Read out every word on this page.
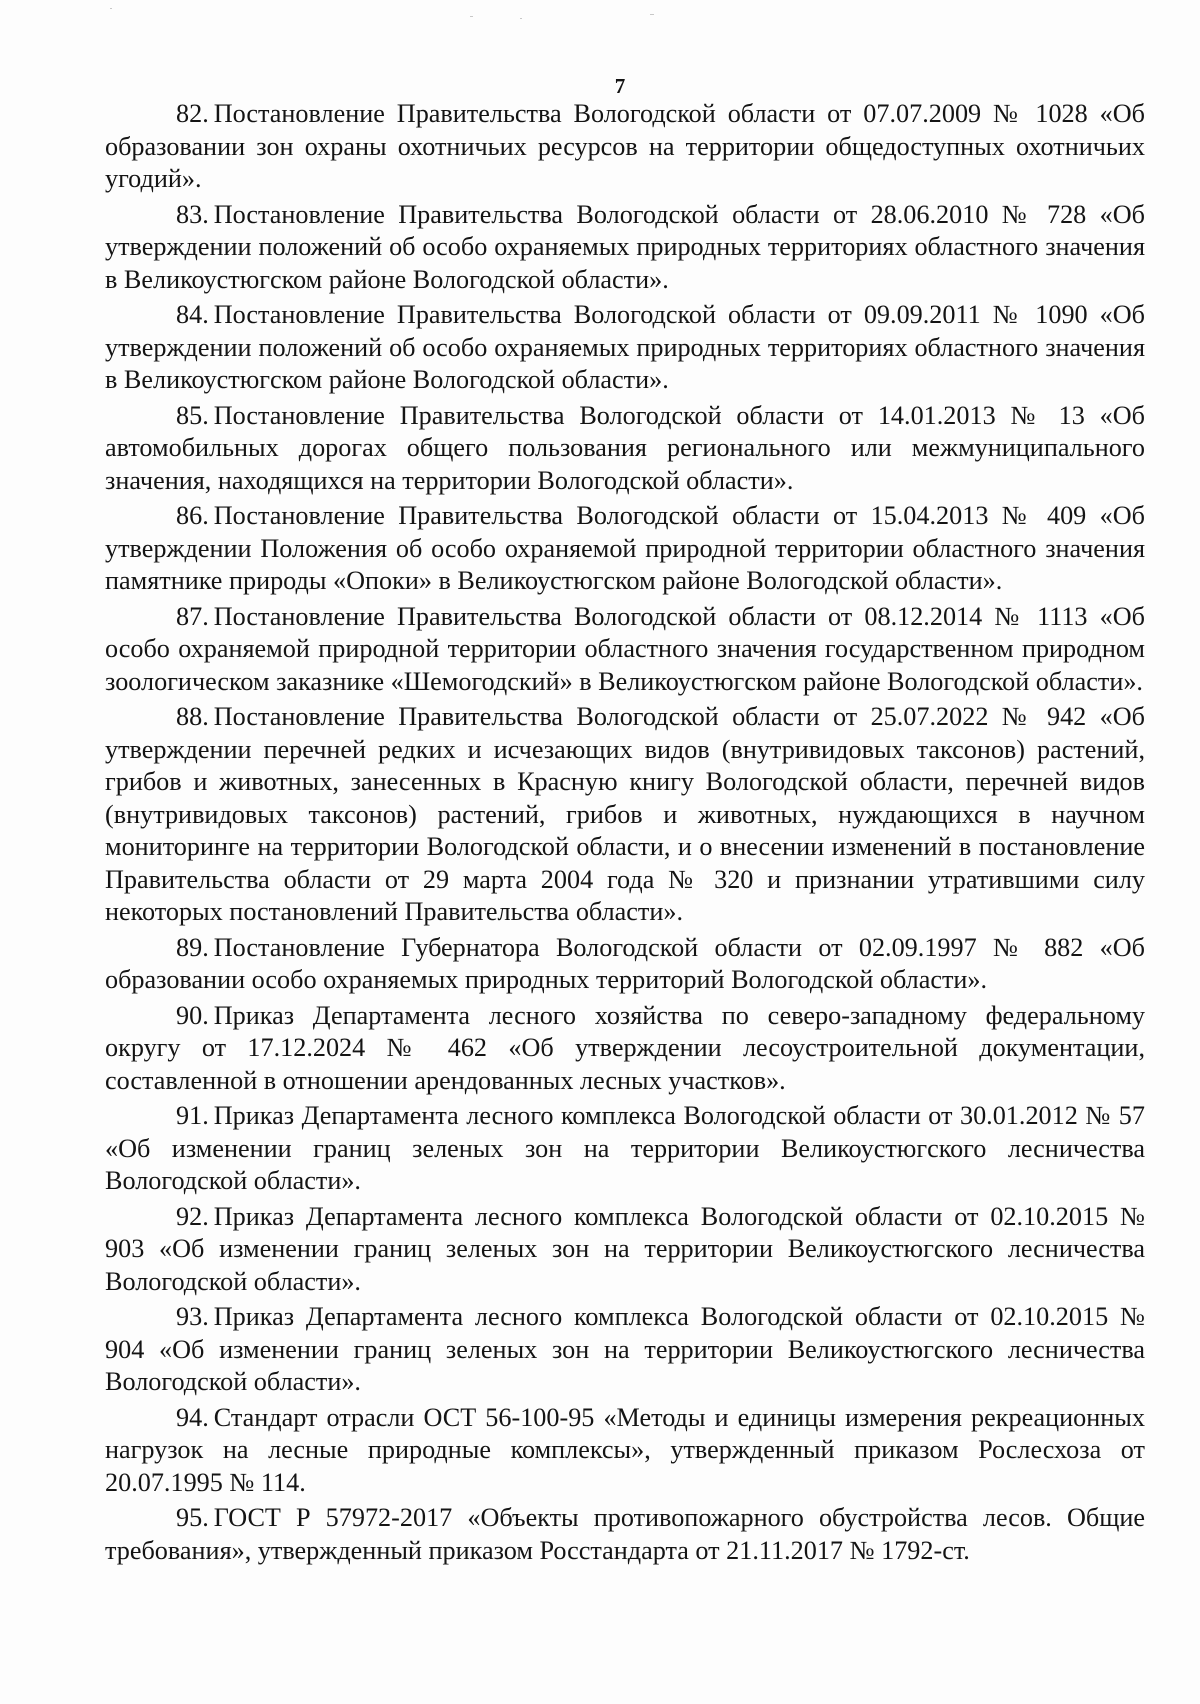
7

82. Постановление Правительства Вологодской области от 07.07.2009 № 1028 «Об образовании зон охраны охотничьих ресурсов на территории общедоступных охотничьих угодий».

83. Постановление Правительства Вологодской области от 28.06.2010 № 728 «Об утверждении положений об особо охраняемых природных территориях областного значения в Великоустюгском районе Вологодской области».

84. Постановление Правительства Вологодской области от 09.09.2011 № 1090 «Об утверждении положений об особо охраняемых природных территориях областного значения в Великоустюгском районе Вологодской области».

85. Постановление Правительства Вологодской области от 14.01.2013 № 13 «Об автомобильных дорогах общего пользования регионального или межмуниципального значения, находящихся на территории Вологодской области».

86. Постановление Правительства Вологодской области от 15.04.2013 № 409 «Об утверждении Положения об особо охраняемой природной территории областного значения памятнике природы «Опоки» в Великоустюгском районе Вологодской области».

87. Постановление Правительства Вологодской области от 08.12.2014 № 1113 «Об особо охраняемой природной территории областного значения государственном природном зоологическом заказнике «Шемогодский» в Великоустюгском районе Вологодской области».

88. Постановление Правительства Вологодской области от 25.07.2022 № 942 «Об утверждении перечней редких и исчезающих видов (внутривидовых таксонов) растений, грибов и животных, занесенных в Красную книгу Вологодской области, перечней видов (внутривидовых таксонов) растений, грибов и животных, нуждающихся в научном мониторинге на территории Вологодской области, и о внесении изменений в постановление Правительства области от 29 марта 2004 года № 320 и признании утратившими силу некоторых постановлений Правительства области».

89. Постановление Губернатора Вологодской области от 02.09.1997 № 882 «Об образовании особо охраняемых природных территорий Вологодской области».

90. Приказ Департамента лесного хозяйства по северо-западному федеральному округу от 17.12.2024 № 462 «Об утверждении лесоустроительной документации, составленной в отношении арендованных лесных участков».

91. Приказ Департамента лесного комплекса Вологодской области от 30.01.2012 № 57 «Об изменении границ зеленых зон на территории Великоустюгского лесничества Вологодской области».

92. Приказ Департамента лесного комплекса Вологодской области от 02.10.2015 № 903 «Об изменении границ зеленых зон на территории Великоустюгского лесничества Вологодской области».

93. Приказ Департамента лесного комплекса Вологодской области от 02.10.2015 № 904 «Об изменении границ зеленых зон на территории Великоустюгского лесничества Вологодской области».

94. Стандарт отрасли ОСТ 56-100-95 «Методы и единицы измерения рекреационных нагрузок на лесные природные комплексы», утвержденный приказом Рослесхоза от 20.07.1995 № 114.

95. ГОСТ Р 57972-2017 «Объекты противопожарного обустройства лесов. Общие требования», утвержденный приказом Росстандарта от 21.11.2017 № 1792-ст.
